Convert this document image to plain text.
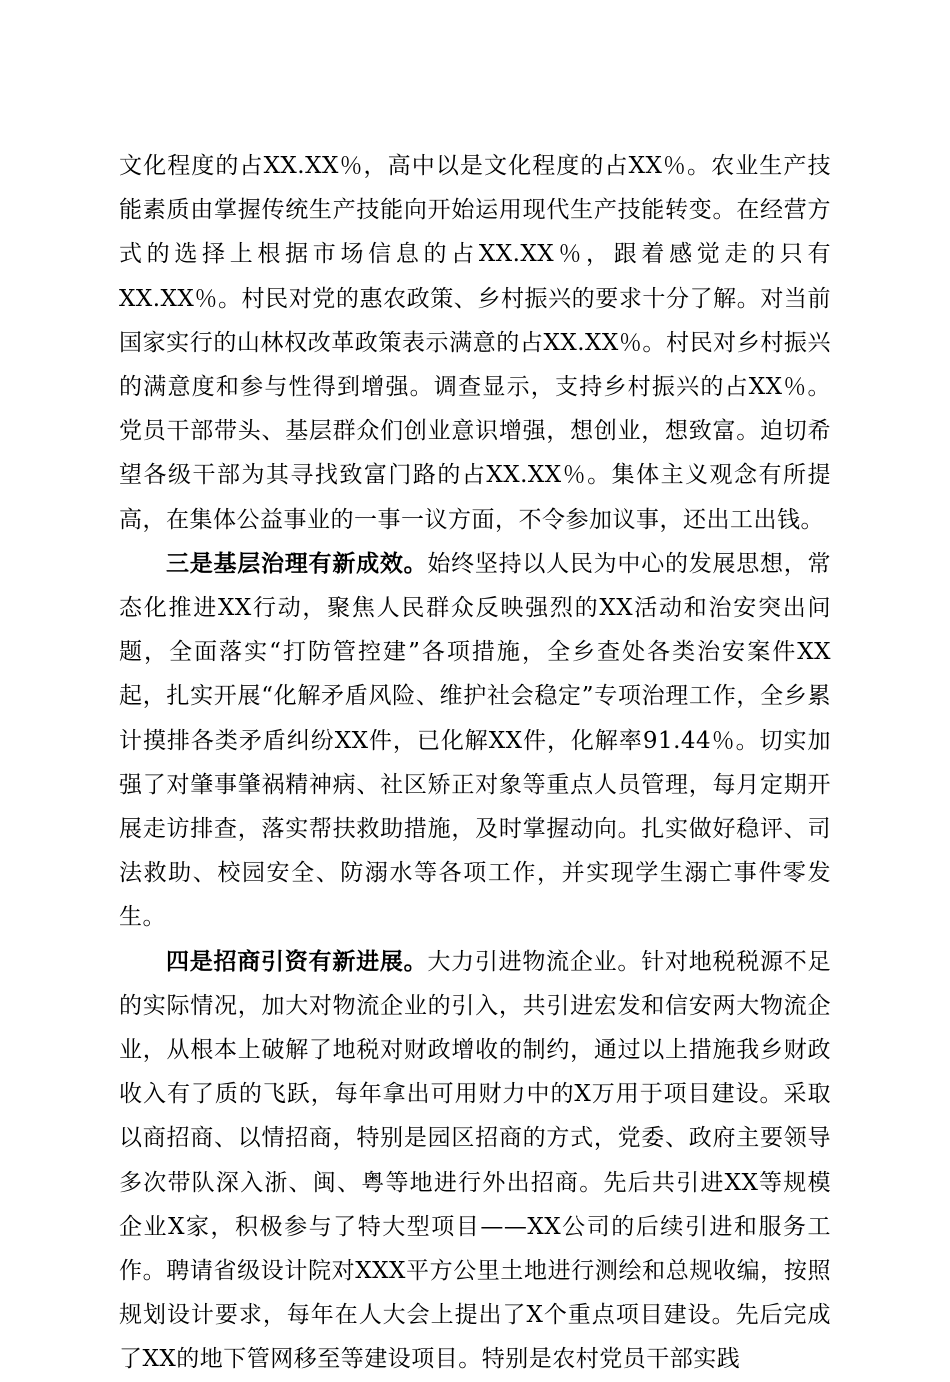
文化程度的占XX.XX％，高中以是文化程度的占XX％。农业生产技能素质由掌握传统生产技能向开始运用现代生产技能转变。在经营方式的选择上根据市场信息的占XX.XX％，跟着感觉走的只有XX.XX％。村民对党的惠农政策、乡村振兴的要求十分了解。对当前国家实行的山林权改革政策表示满意的占XX.XX％。村民对乡村振兴的满意度和参与性得到增强。调查显示，支持乡村振兴的占XX％。党员干部带头、基层群众们创业意识增强，想创业，想致富。迫切希望各级干部为其寻找致富门路的占XX.XX％。集体主义观念有所提高，在集体公益事业的一事一议方面，不令参加议事，还出工出钱。

三是基层治理有新成效。始终坚持以人民为中心的发展思想，常态化推进XX行动，聚焦人民群众反映强烈的XX活动和治安突出问题，全面落实“打防管控建”各项措施，全乡查处各类治安案件XX起，扎实开展“化解矛盾风险、维护社会稳定”专项治理工作，全乡累计摸排各类矛盾纠纷XX件，已化解XX件，化解率91.44％。切实加强了对肇事肇祸精神病、社区矫正对象等重点人员管理，每月定期开展走访排查，落实帮扶救助措施，及时掌握动向。扎实做好稳评、司法救助、校园安全、防溺水等各项工作，并实现学生溺亡事件零发生。

四是招商引资有新进展。大力引进物流企业。针对地税税源不足的实际情况，加大对物流企业的引入，共引进宏发和信安两大物流企业，从根本上破解了地税对财政增收的制约，通过以上措施我乡财政收入有了质的飞跃，每年拿出可用财力中的X万用于项目建设。采取以商招商、以情招商，特别是园区招商的方式，党委、政府主要领导多次带队深入浙、闽、粤等地进行外出招商。先后共引进XX等规模企业X家，积极参与了特大型项目——XX公司的后续引进和服务工作。聘请省级设计院对XXX平方公里土地进行测绘和总规收编，按照规划设计要求，每年在人大会上提出了X个重点项目建设。先后完成了XX的地下管网移至等建设项目。特别是农村党员干部实践
